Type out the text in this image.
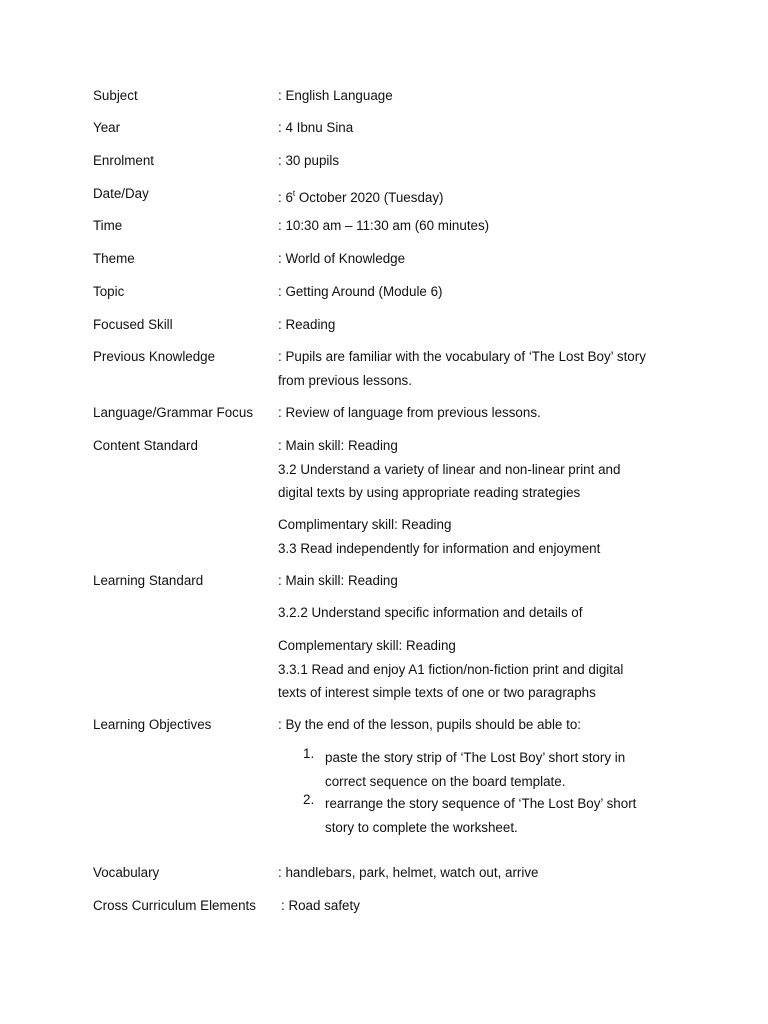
Subject	: English Language
Year	: 4 Ibnu Sina
Enrolment	: 30 pupils
Date/Day	: 6$^t$ October 2020 (Tuesday)
Time	: 10:30 am – 11:30 am (60 minutes)
Theme	: World of Knowledge
Topic	: Getting Around (Module 6)
Focused Skill	: Reading
Previous Knowledge	: Pupils are familiar with the vocabulary of ‘The Lost Boy’ story
from previous lessons.
Language/Grammar Focus : Review of language from previous lessons.
Content Standard	: Main skill: Reading
3.2 Understand a variety of linear and non-linear print and
digital texts by using appropriate reading strategies
Complimentary skill: Reading
3.3 Read independently for information and enjoyment
Learning Standard	: Main skill: Reading
3.2.2 Understand specific information and details of
Complementary skill: Reading
3.3.1 Read and enjoy A1 fiction/non-fiction print and digital
texts of interest simple texts of one or two paragraphs
Learning Objectives	: By the end of the lesson, pupils should be able to:
1. paste the story strip of ‘The Lost Boy’ short story in
correct sequence on the board template.
2. rearrange the story sequence of ‘The Lost Boy’ short
story to complete the worksheet.
Vocabulary	: handlebars, park, helmet, watch out, arrive
Cross Curriculum Elements : Road safety
